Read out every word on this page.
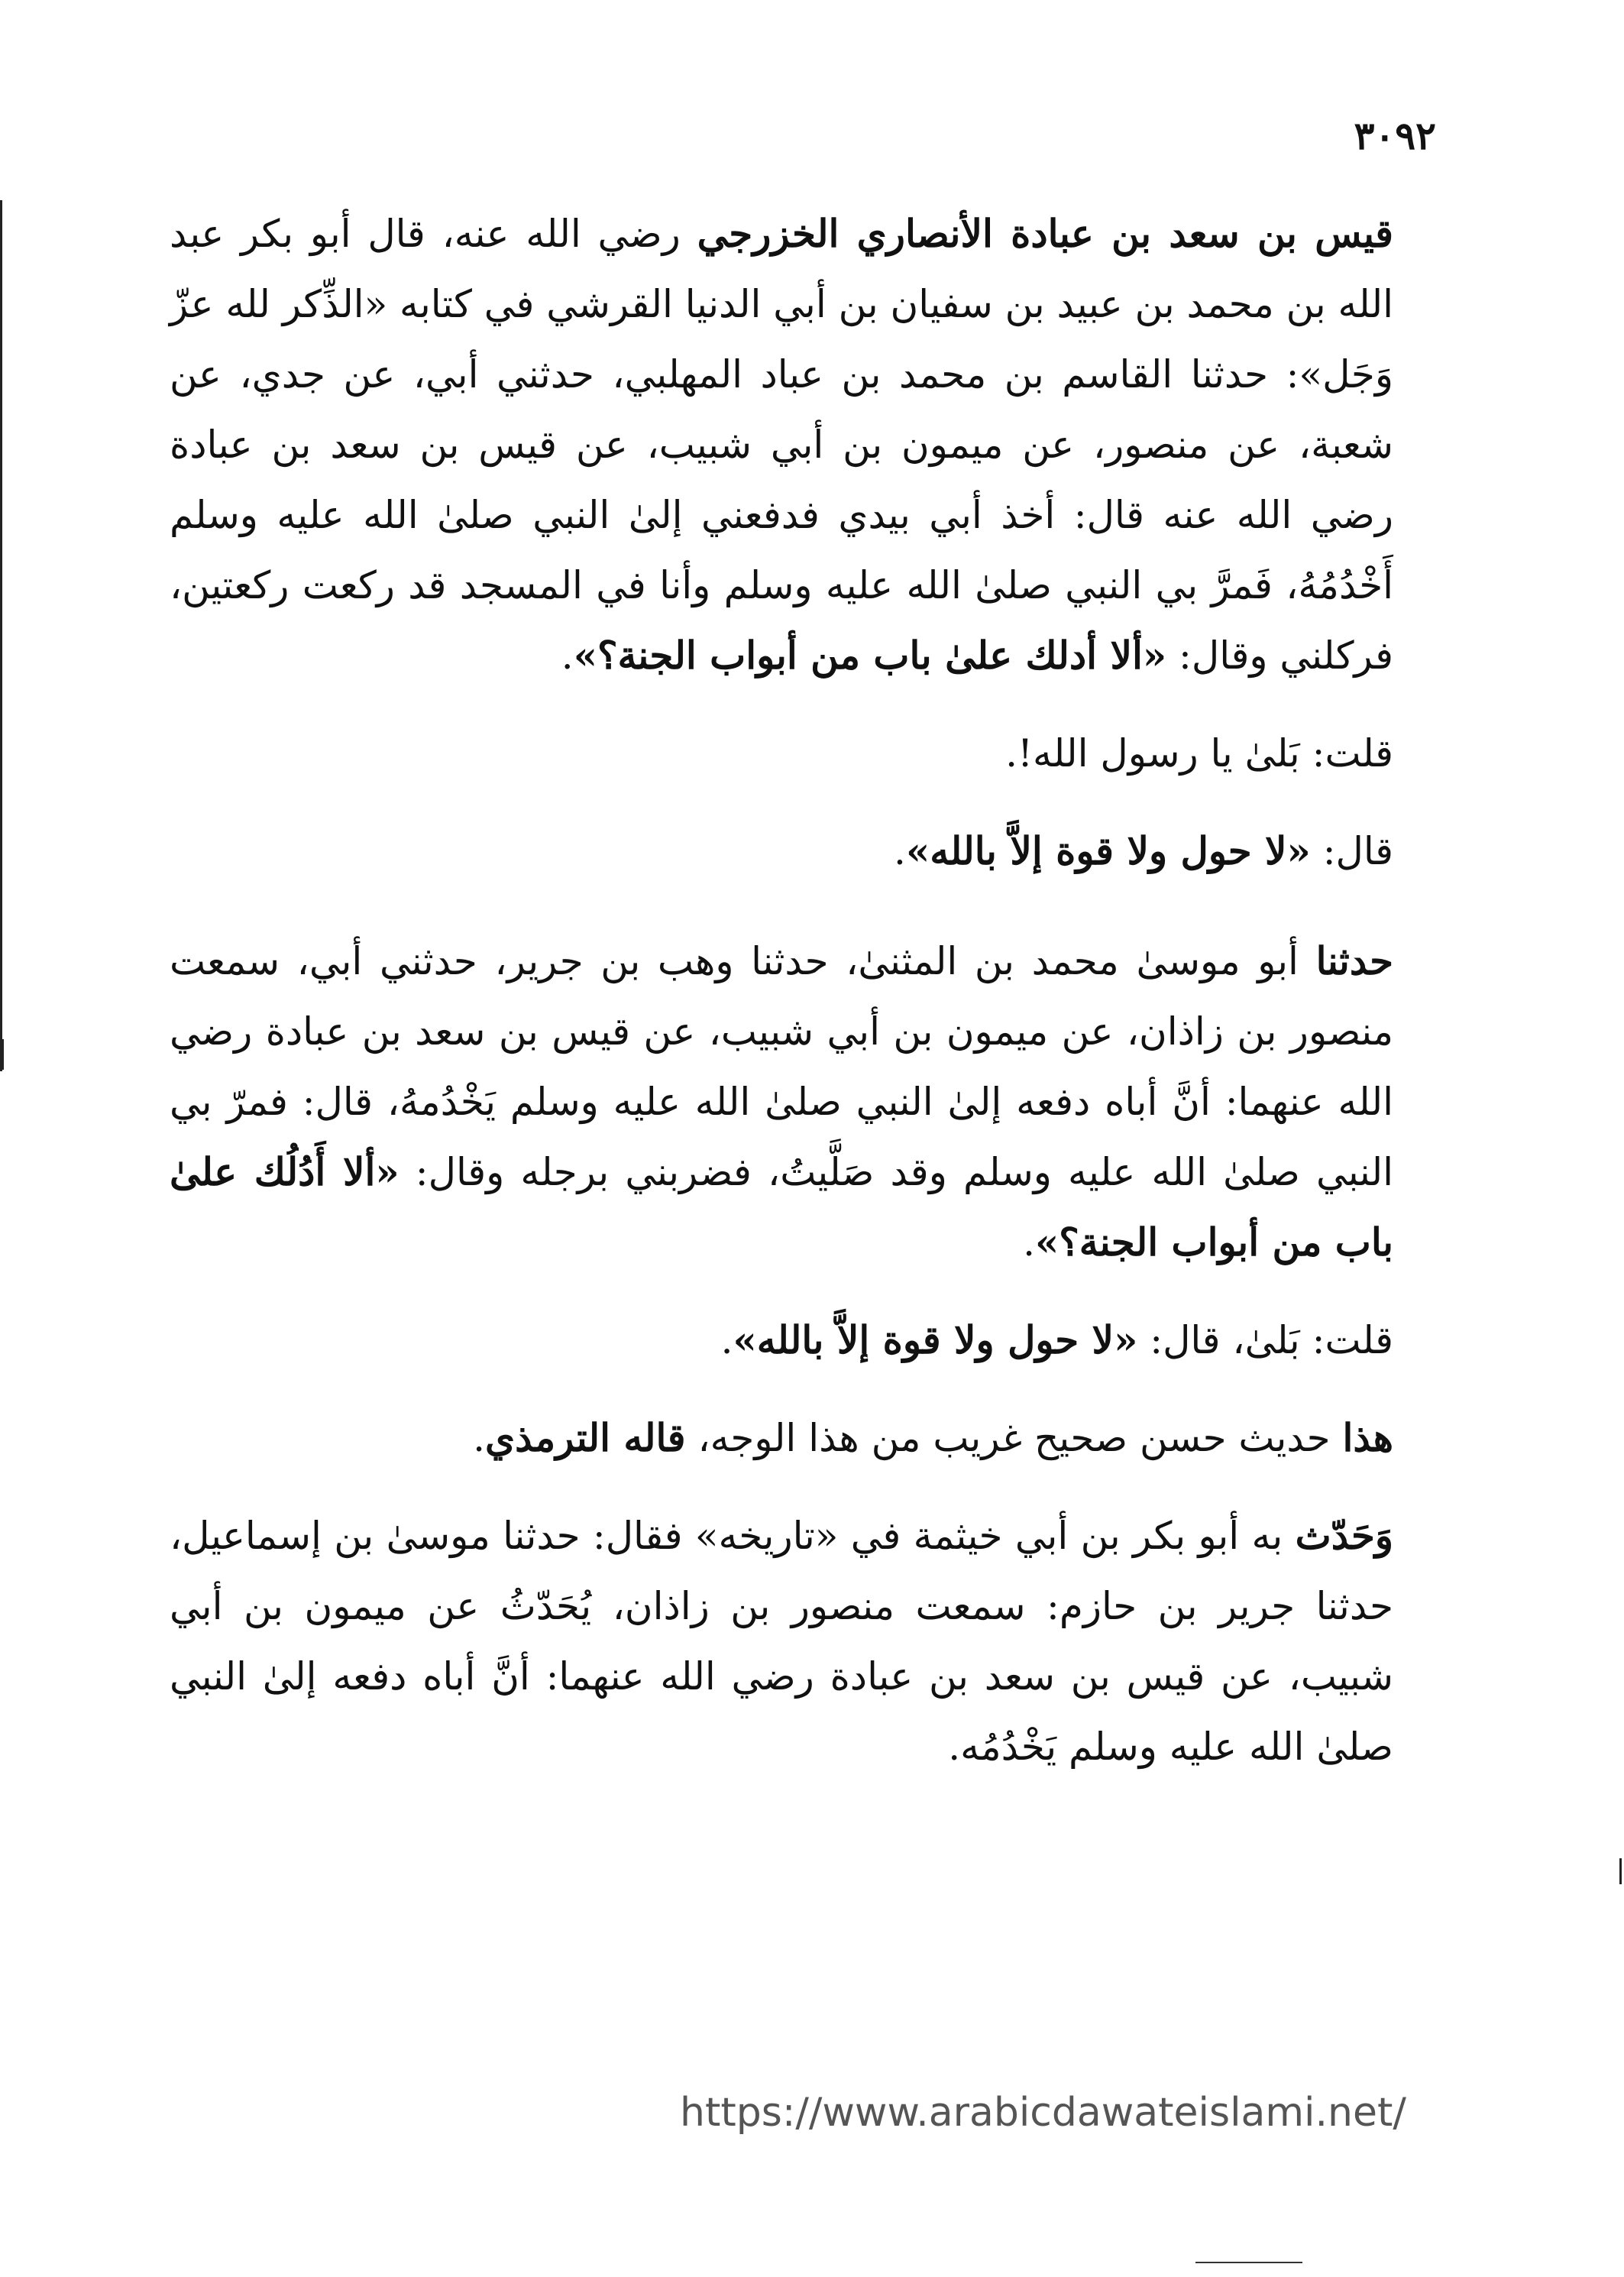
٣٠٩٢

قيس بن سعد بن عبادة الأنصاري الخزرجي رضي الله عنه، قال أبو بكر عبد الله بن محمد بن عبيد بن سفيان بن أبي الدنيا القرشي في كتابه «الذِّكر لله عزّ وَجَل»: حدثنا القاسم بن محمد بن عباد المهلبي، حدثني أبي، عن جدي، عن شعبة، عن منصور، عن ميمون بن أبي شبيب، عن قيس بن سعد بن عبادة رضي الله عنه قال: أخذ أبي بيدي فدفعني إلىٰ النبي صلىٰ الله عليه وسلم أَخْدُمُهُ، فَمرَّ بي النبي صلىٰ الله عليه وسلم وأنا في المسجد قد ركعت ركعتين، فركلني وقال: «ألا أدلك علىٰ باب من أبواب الجنة؟».

قلت: بَلىٰ يا رسول الله!.

قال: «لا حول ولا قوة إلاَّ بالله».

حدثنا أبو موسىٰ محمد بن المثنىٰ، حدثنا وهب بن جرير، حدثني أبي، سمعت منصور بن زاذان، عن ميمون بن أبي شبيب، عن قيس بن سعد بن عبادة رضي الله عنهما: أنَّ أباه دفعه إلىٰ النبي صلىٰ الله عليه وسلم يَخْدُمهُ، قال: فمرّ بي النبي صلىٰ الله عليه وسلم وقد صَلَّيتُ، فضربني برجله وقال: «ألا أَدُلُك علىٰ باب من أبواب الجنة؟».

قلت: بَلىٰ، قال: «لا حول ولا قوة إلاَّ بالله».

هذا حديث حسن صحيح غريب من هذا الوجه، قاله الترمذي.

وَحَدّث به أبو بكر بن أبي خيثمة في «تاريخه» فقال: حدثنا موسىٰ بن إسماعيل، حدثنا جرير بن حازم: سمعت منصور بن زاذان، يُحَدّثُ عن ميمون بن أبي شبيب، عن قيس بن سعد بن عبادة رضي الله عنهما: أنَّ أباه دفعه إلىٰ النبي صلىٰ الله عليه وسلم يَخْدُمُه.

https://www.arabicdawateislami.net/
